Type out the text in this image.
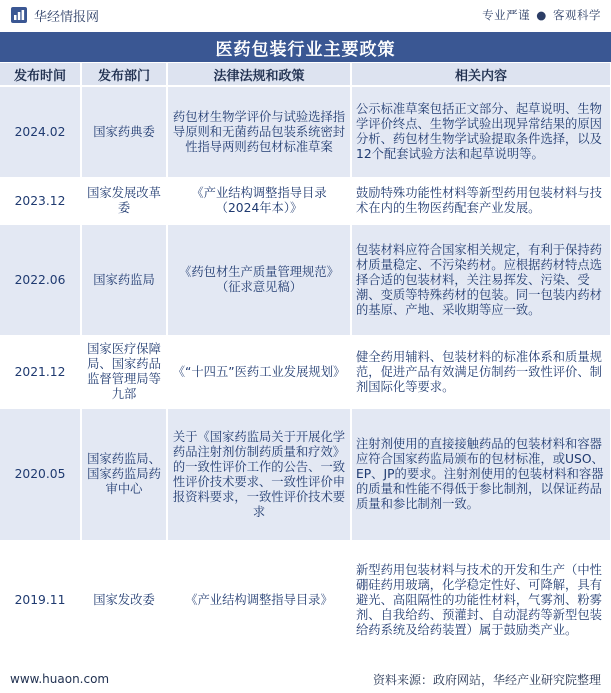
华经情报网	专业严谨 ● 客观科学
医药包装行业主要政策
发布时间	发布部门	法律法规和政策	相关内容
2024.02	国家药典委	药包材生物学评价与试验选择指导原则和无菌药品包装系统密封性指导两则药包材标准草案	公示标准草案包括正文部分、起草说明、生物学评价终点、生物学试验出现异常结果的原因分析、药包材生物学试验提取条件选择，以及12个配套试验方法和起草说明等。
2023.12	国家发展改革委	《产业结构调整指导目录（2024年本）》	鼓励特殊功能性材料等新型药用包装材料与技术在内的生物医药配套产业发展。
2022.06	国家药监局	《药包材生产质量管理规范》（征求意见稿）	包装材料应符合国家相关规定，有利于保持药材质量稳定、不污染药材。应根据药材特点选择合适的包装材料，关注易挥发、污染、受潮、变质等特殊药材的包装。同一包装内药材的基原、产地、采收期等应一致。
2021.12	国家医疗保障局、国家药品监督管理局等九部	《“十四五”医药工业发展规划》	健全药用辅料、包装材料的标准体系和质量规范，促进产品有效满足仿制药一致性评价、制剂国际化等要求。
2020.05	国家药监局、国家药监局药审中心	关于《国家药监局关于开展化学药品注射剂仿制药质量和疗效》的一致性评价工作的公告、一致性评价技术要求、一致性评价申报资料要求，一致性评价技术要求	注射剂使用的直接接触药品的包装材料和容器应符合国家药监局颁布的包材标准，或USO、EP、JP的要求。注射剂使用的包装材料和容器的质量和性能不得低于参比制剂，以保证药品质量和参比制剂一致。
2019.11	国家发改委	《产业结构调整指导目录》	新型药用包装材料与技术的开发和生产（中性硼硅药用玻璃，化学稳定性好、可降解，具有避光、高阻隔性的功能性材料，气雾剂、粉雾剂、自我给药、预灌封、自动混药等新型包装给药系统及给药装置）属于鼓励类产业。
www.huaon.com	资料来源：政府网站，华经产业研究院整理
